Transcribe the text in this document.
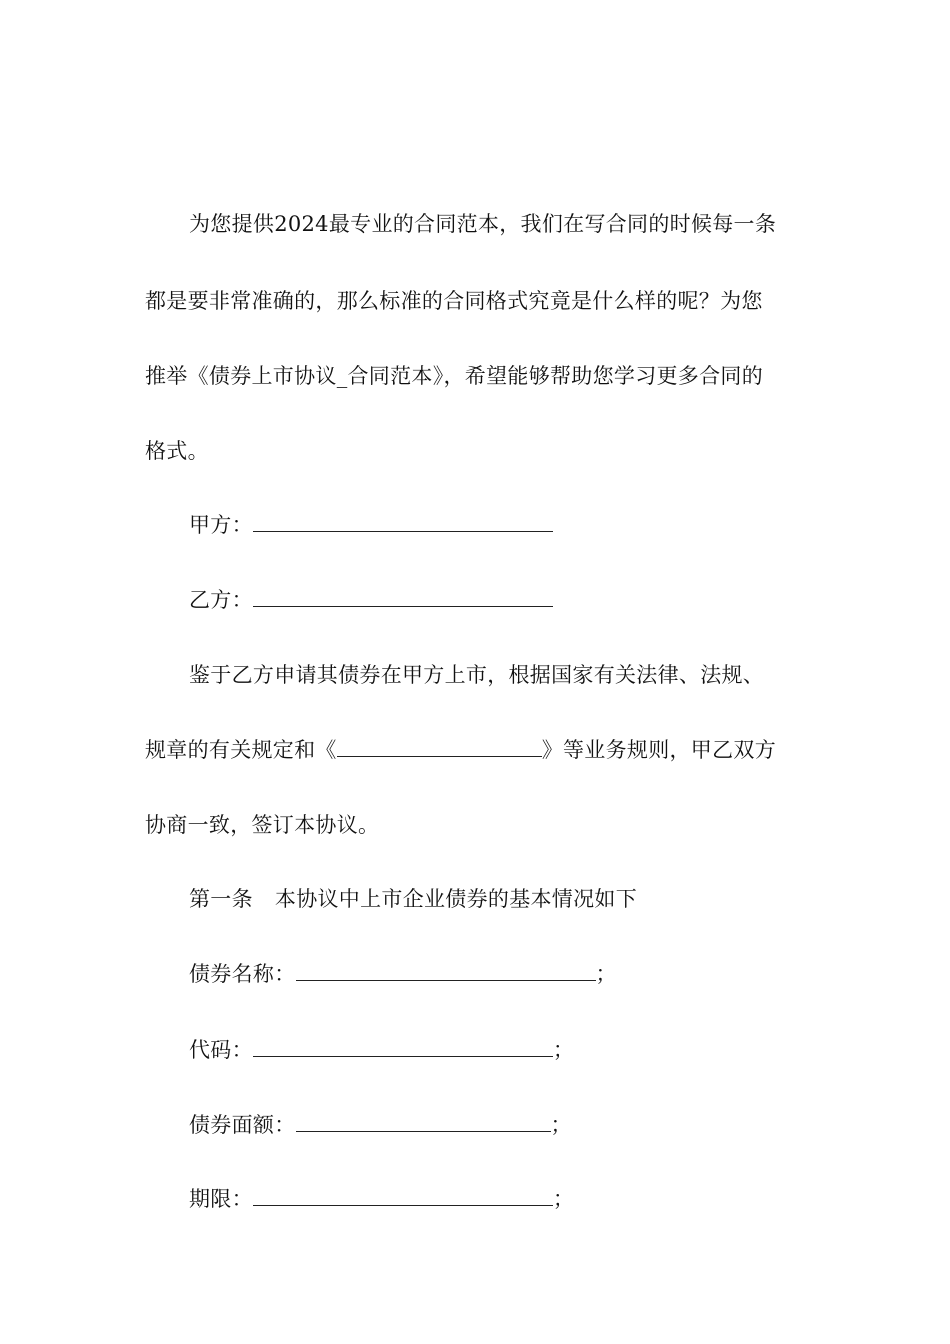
为您提供2024最专业的合同范本，我们在写合同的时候每一条
都是要非常准确的，那么标准的合同格式究竟是什么样的呢？为您
推举《债券上市协议_合同范本》，希望能够帮助您学习更多合同的
格式。
甲方：
乙方：
鉴于乙方申请其债券在甲方上市，根据国家有关法律、法规、
规章的有关规定和《	》等业务规则，甲乙双方
协商一致，签订本协议。
第一条 本协议中上市企业债券的基本情况如下
债券名称：	；
代码：	；
债券面额：	；
期限：	；
